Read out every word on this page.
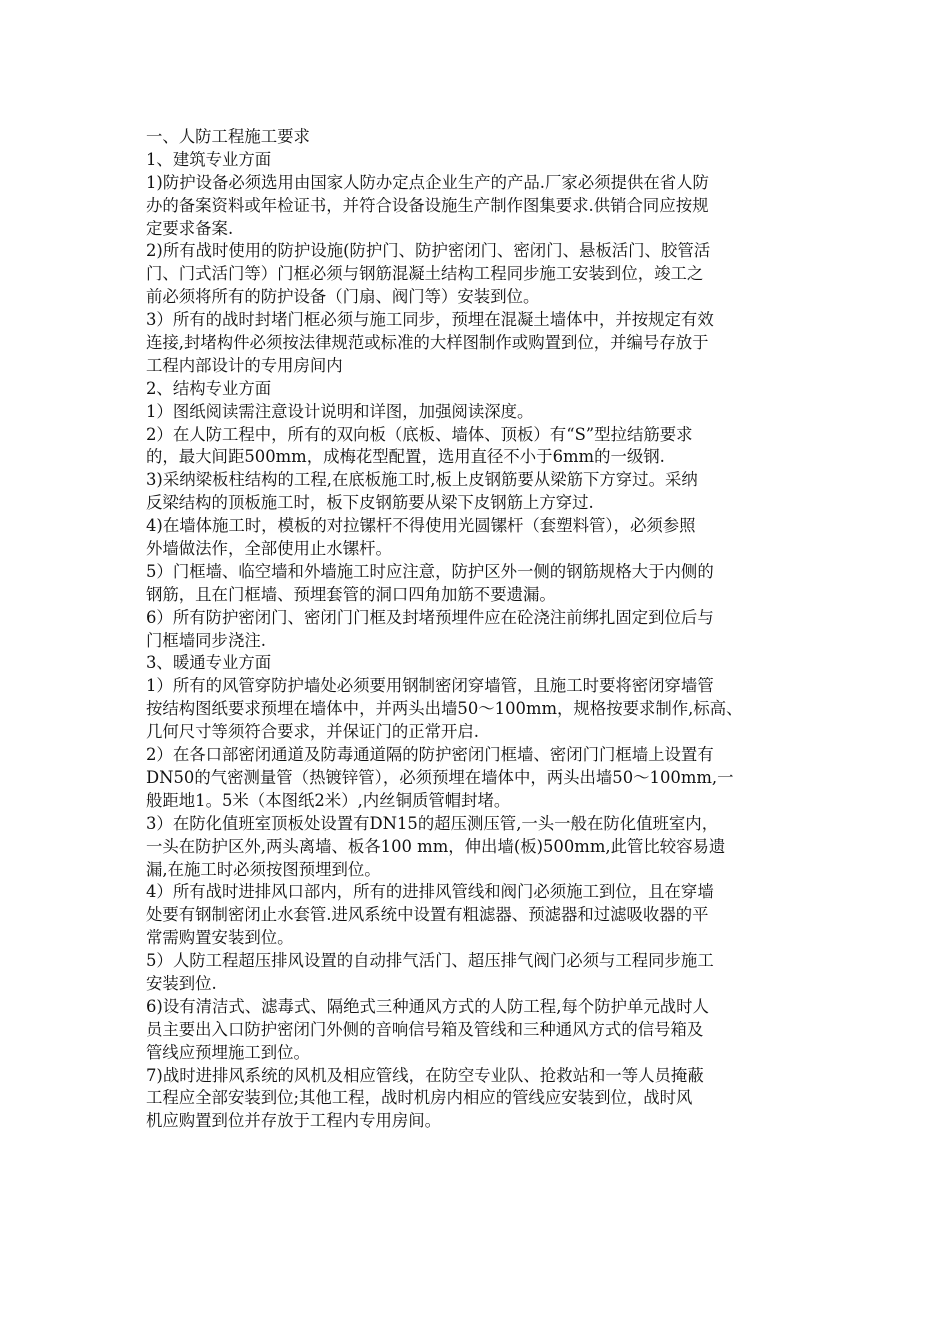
一、人防工程施工要求
1、建筑专业方面
1)防护设备必须选用由国家人防办定点企业生产的产品.厂家必须提供在省人防
办的备案资料或年检证书，并符合设备设施生产制作图集要求.供销合同应按规
定要求备案.
2)所有战时使用的防护设施(防护门、防护密闭门、密闭门、悬板活门、胶管活
门、门式活门等）门框必须与钢筋混凝土结构工程同步施工安装到位，竣工之
前必须将所有的防护设备（门扇、阀门等）安装到位。
3）所有的战时封堵门框必须与施工同步，预埋在混凝土墙体中，并按规定有效
连接,封堵构件必须按法律规范或标准的大样图制作或购置到位，并编号存放于
工程内部设计的专用房间内
2、结构专业方面
1）图纸阅读需注意设计说明和详图，加强阅读深度。
2）在人防工程中，所有的双向板（底板、墙体、顶板）有“S”型拉结筋要求
的，最大间距500mm，成梅花型配置，选用直径不小于6mm的一级钢.
3)采纳梁板柱结构的工程,在底板施工时,板上皮钢筋要从梁筋下方穿过。采纳
反梁结构的顶板施工时，板下皮钢筋要从梁下皮钢筋上方穿过.
4)在墙体施工时，模板的对拉镙杆不得使用光圆镙杆（套塑料管），必须参照
外墙做法作，全部使用止水镙杆。
5）门框墙、临空墙和外墙施工时应注意，防护区外一侧的钢筋规格大于内侧的
钢筋，且在门框墙、预埋套管的洞口四角加筋不要遗漏。
6）所有防护密闭门、密闭门门框及封堵预埋件应在砼浇注前绑扎固定到位后与
门框墙同步浇注.
3、暖通专业方面
1）所有的风管穿防护墙处必须要用钢制密闭穿墙管，且施工时要将密闭穿墙管
按结构图纸要求预埋在墙体中，并两头出墙50～100mm，规格按要求制作,标高、
几何尺寸等须符合要求，并保证门的正常开启.
2）在各口部密闭通道及防毒通道隔的防护密闭门框墙、密闭门门框墙上设置有
DN50的气密测量管（热镀锌管），必须预埋在墙体中，两头出墙50～100mm,一
般距地1。5米（本图纸2米）,内丝铜质管帽封堵。
3）在防化值班室顶板处设置有DN15的超压测压管,一头一般在防化值班室内，
一头在防护区外,两头离墙、板各100 mm，伸出墙(板)500mm,此管比较容易遗
漏,在施工时必须按图预埋到位。
4）所有战时进排风口部内，所有的进排风管线和阀门必须施工到位，且在穿墙
处要有钢制密闭止水套管.进风系统中设置有粗滤器、预滤器和过滤吸收器的平
常需购置安装到位。
5）人防工程超压排风设置的自动排气活门、超压排气阀门必须与工程同步施工
安装到位.
6)设有清洁式、滤毒式、隔绝式三种通风方式的人防工程,每个防护单元战时人
员主要出入口防护密闭门外侧的音响信号箱及管线和三种通风方式的信号箱及
管线应预埋施工到位。
7)战时进排风系统的风机及相应管线，在防空专业队、抢救站和一等人员掩蔽
工程应全部安装到位;其他工程，战时机房内相应的管线应安装到位，战时风
机应购置到位并存放于工程内专用房间。
